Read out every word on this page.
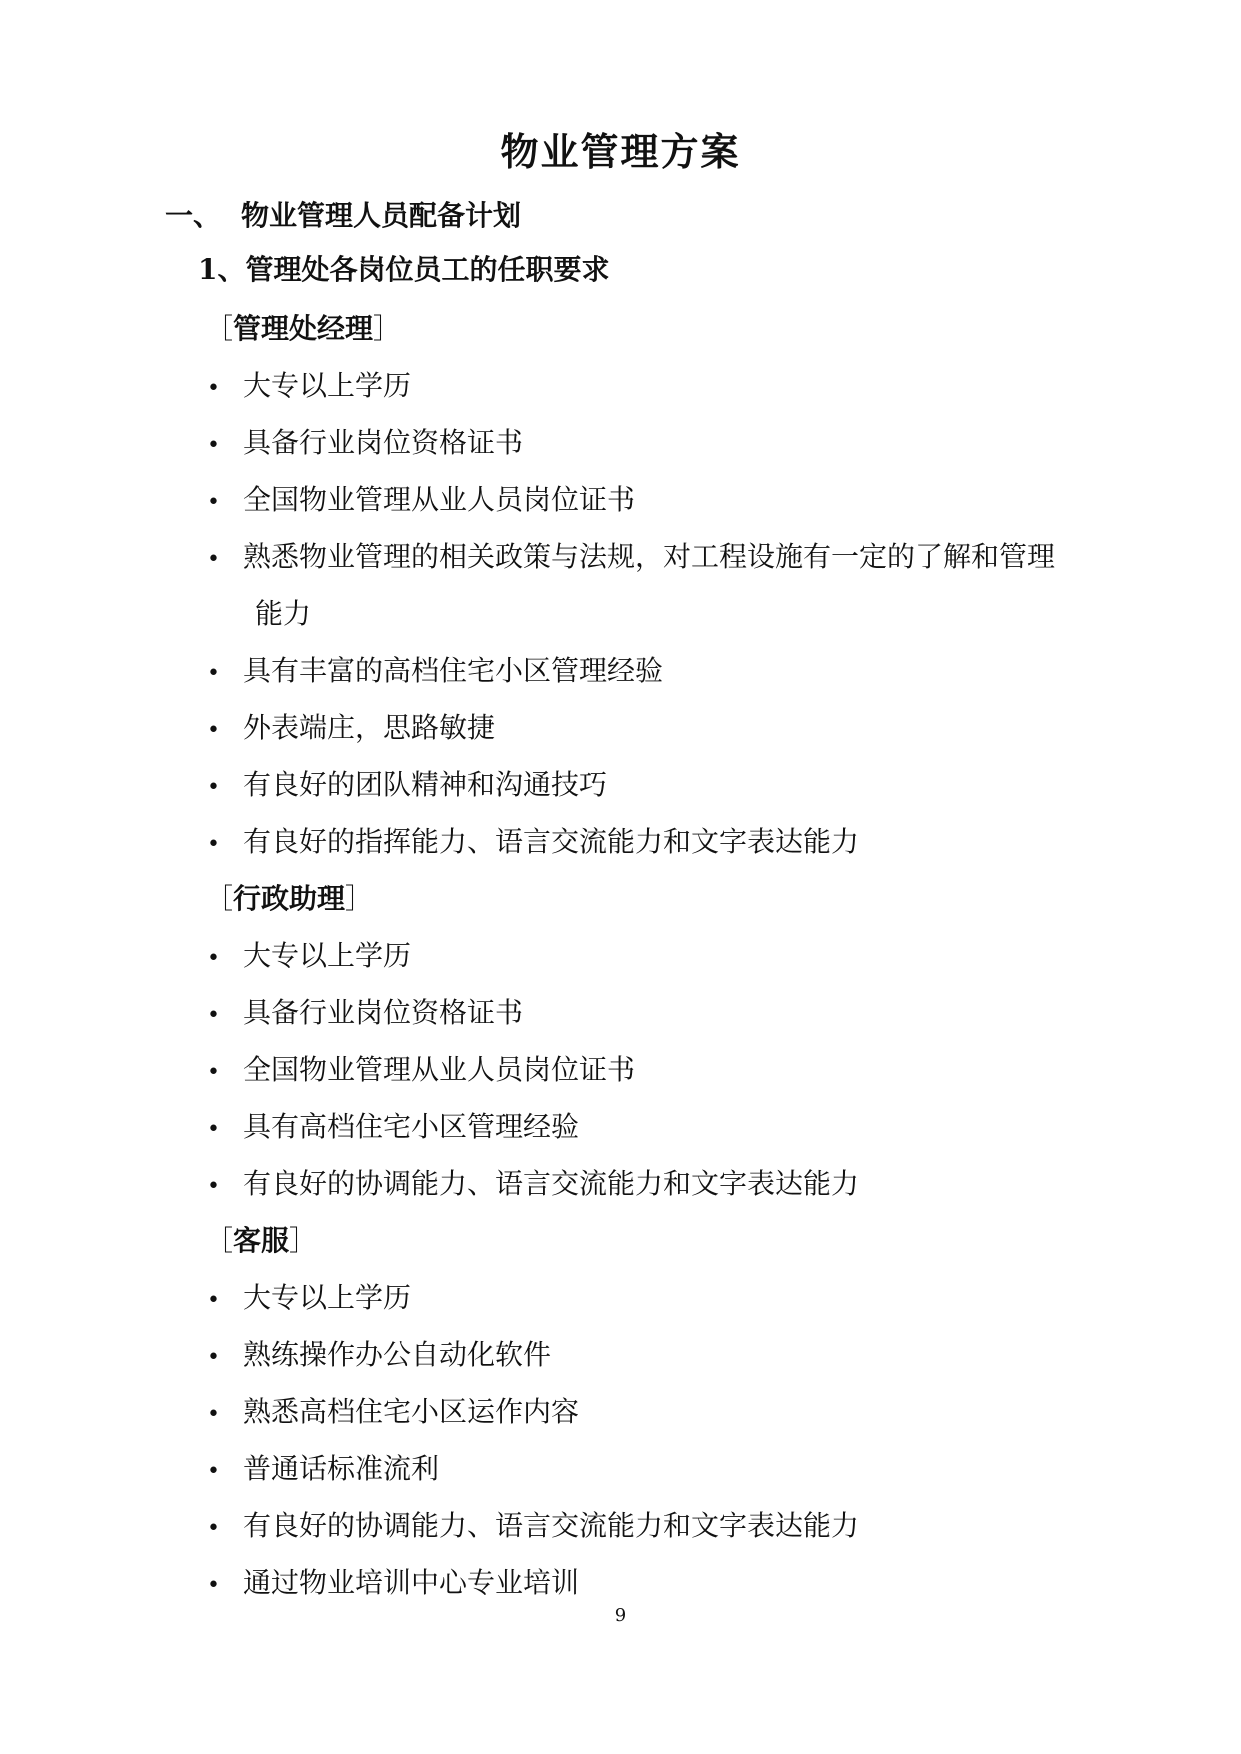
物业管理方案
一、 物业管理人员配备计划
1、管理处各岗位员工的任职要求
［管理处经理］
• 大专以上学历
• 具备行业岗位资格证书
• 全国物业管理从业人员岗位证书
• 熟悉物业管理的相关政策与法规，对工程设施有一定的了解和管理
能力
• 具有丰富的高档住宅小区管理经验
• 外表端庄，思路敏捷
• 有良好的团队精神和沟通技巧
• 有良好的指挥能力、语言交流能力和文字表达能力
［行政助理］
• 大专以上学历
• 具备行业岗位资格证书
• 全国物业管理从业人员岗位证书
• 具有高档住宅小区管理经验
• 有良好的协调能力、语言交流能力和文字表达能力
［客服］
• 大专以上学历
• 熟练操作办公自动化软件
• 熟悉高档住宅小区运作内容
• 普通话标准流利
• 有良好的协调能力、语言交流能力和文字表达能力
• 通过物业培训中心专业培训
9
